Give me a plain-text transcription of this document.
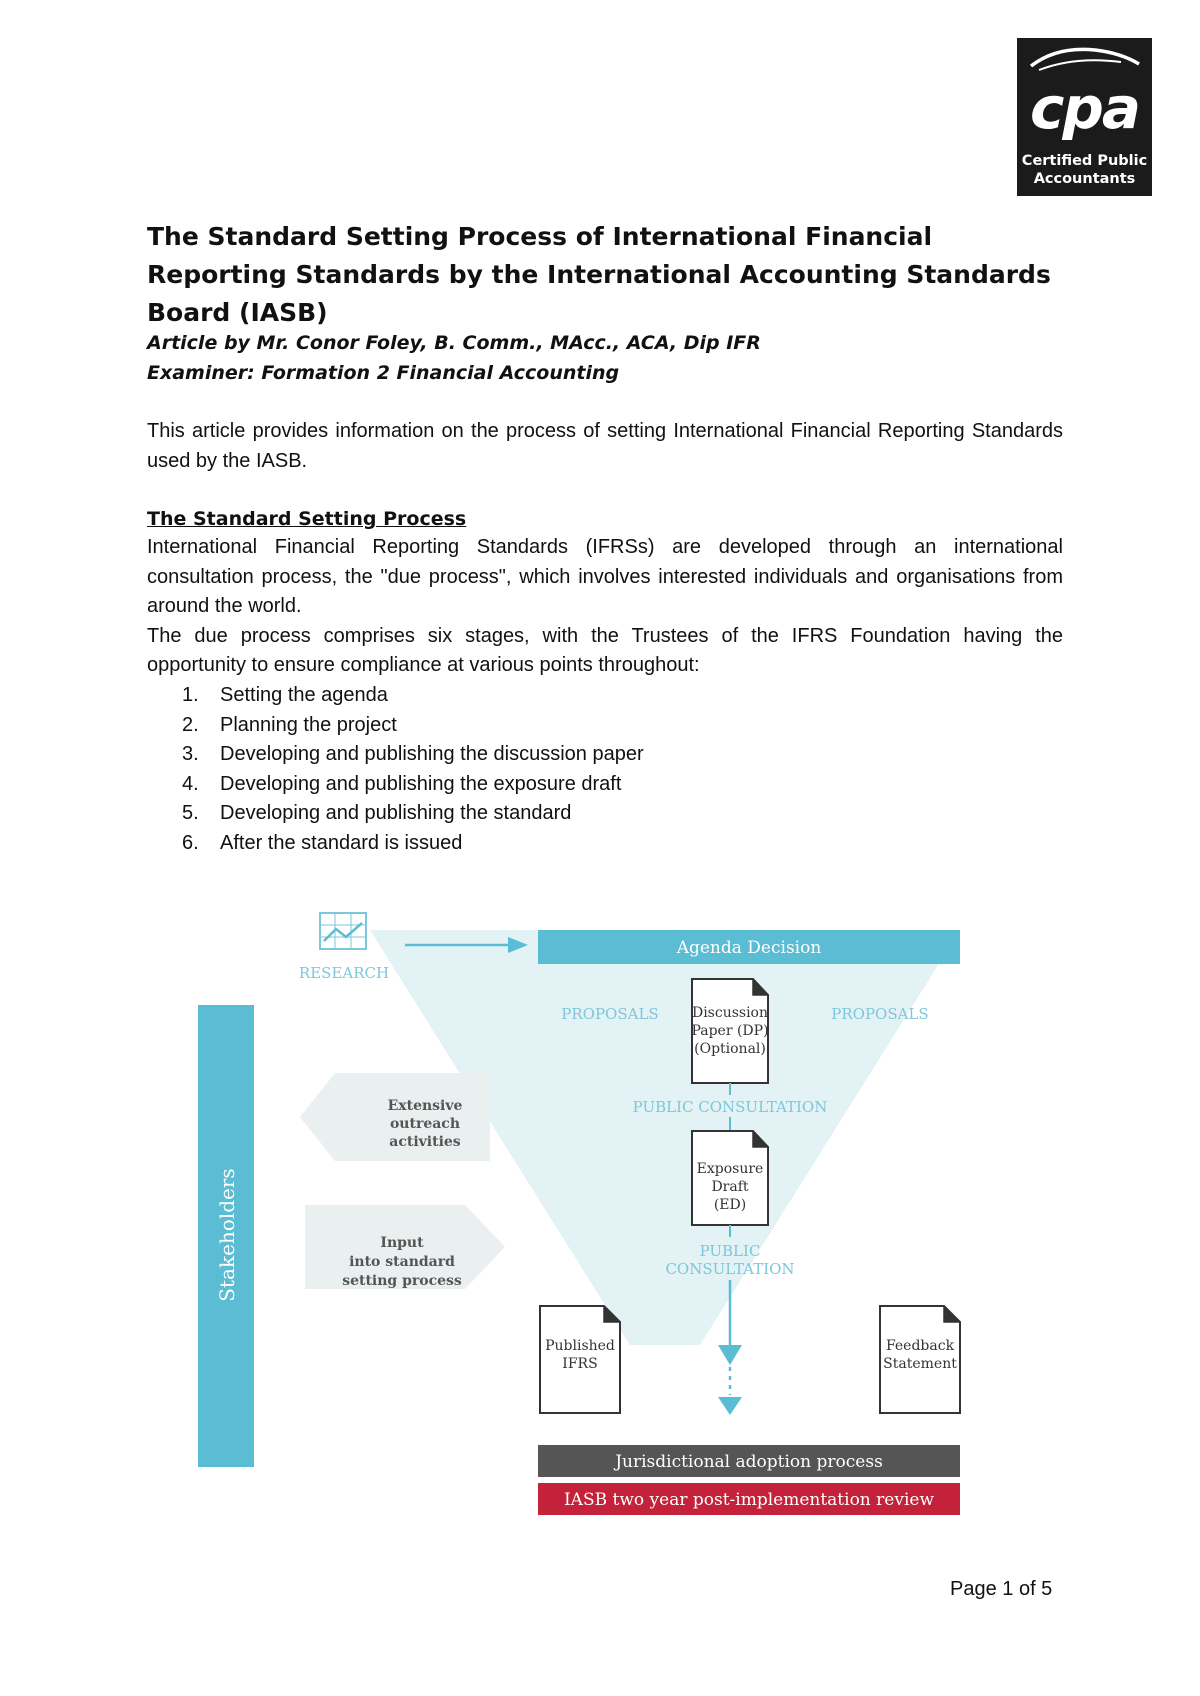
cpa
Certified Public
Accountants
The Standard Setting Process of International Financial Reporting Standards by the International Accounting Standards Board (IASB)
Article by Mr. Conor Foley, B. Comm., MAcc., ACA, Dip IFR
Examiner: Formation 2 Financial Accounting

This article provides information on the process of setting International Financial Reporting Standards used by the IASB.

The Standard Setting Process
International Financial Reporting Standards (IFRSs) are developed through an international consultation process, the "due process", which involves interested individuals and organisations from around the world.
The due process comprises six stages, with the Trustees of the IFRS Foundation having the opportunity to ensure compliance at various points throughout:
1. Setting the agenda
2. Planning the project
3. Developing and publishing the discussion paper
4. Developing and publishing the exposure draft
5. Developing and publishing the standard
6. After the standard is issued
RESEARCH
Agenda Decision
Stakeholders
PROPOSALS	PROPOSALS
Discussion
Paper (DP)
(Optional)
PUBLIC CONSULTATION
Exposure
Draft
(ED)
PUBLIC
CONSULTATION
Extensive
outreach
activities
Input
into standard
setting process
Published
IFRS
Feedback
Statement
Jurisdictional adoption process
IASB two year post-implementation review
Page 1 of 5
